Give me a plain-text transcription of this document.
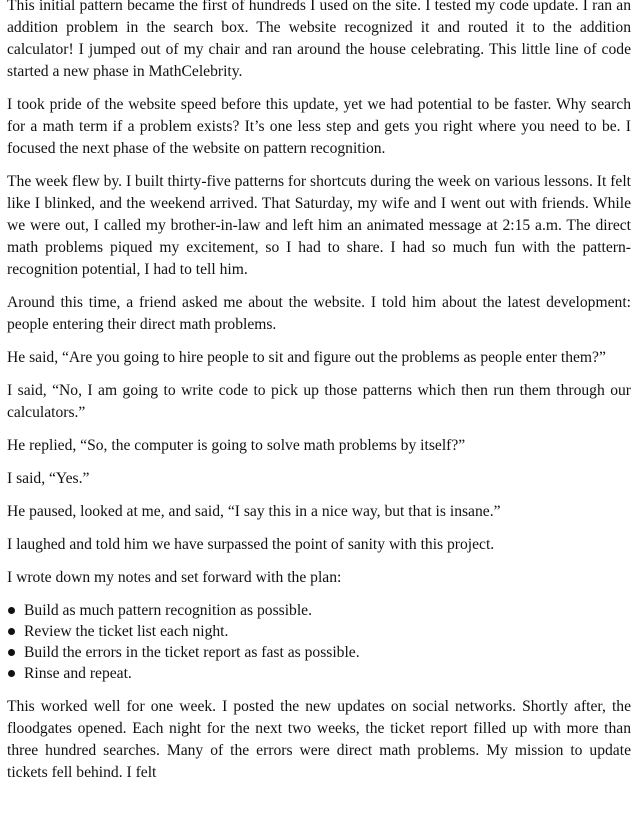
This initial pattern became the first of hundreds I used on the site. I tested my code update. I ran an addition problem in the search box. The website recognized it and routed it to the addition calculator! I jumped out of my chair and ran around the house celebrating. This little line of code started a new phase in MathCelebrity.

I took pride of the website speed before this update, yet we had potential to be faster. Why search for a math term if a problem exists? It’s one less step and gets you right where you need to be. I focused the next phase of the website on pattern recognition.

The week flew by. I built thirty-five patterns for shortcuts during the week on various lessons. It felt like I blinked, and the weekend arrived. That Saturday, my wife and I went out with friends. While we were out, I called my brother-in-law and left him an animated message at 2:15 a.m. The direct math problems piqued my excitement, so I had to share. I had so much fun with the pattern-recognition potential, I had to tell him.

Around this time, a friend asked me about the website. I told him about the latest development: people entering their direct math problems.

He said, “Are you going to hire people to sit and figure out the problems as people enter them?”

I said, “No, I am going to write code to pick up those patterns which then run them through our calculators.”

He replied, “So, the computer is going to solve math problems by itself?”

I said, “Yes.”

He paused, looked at me, and said, “I say this in a nice way, but that is insane.”

I laughed and told him we have surpassed the point of sanity with this project.

I wrote down my notes and set forward with the plan:

Build as much pattern recognition as possible.
Review the ticket list each night.
Build the errors in the ticket report as fast as possible.
Rinse and repeat.

This worked well for one week. I posted the new updates on social networks. Shortly after, the floodgates opened. Each night for the next two weeks, the ticket report filled up with more than three hundred searches. Many of the errors were direct math problems. My mission to update tickets fell behind. I felt
